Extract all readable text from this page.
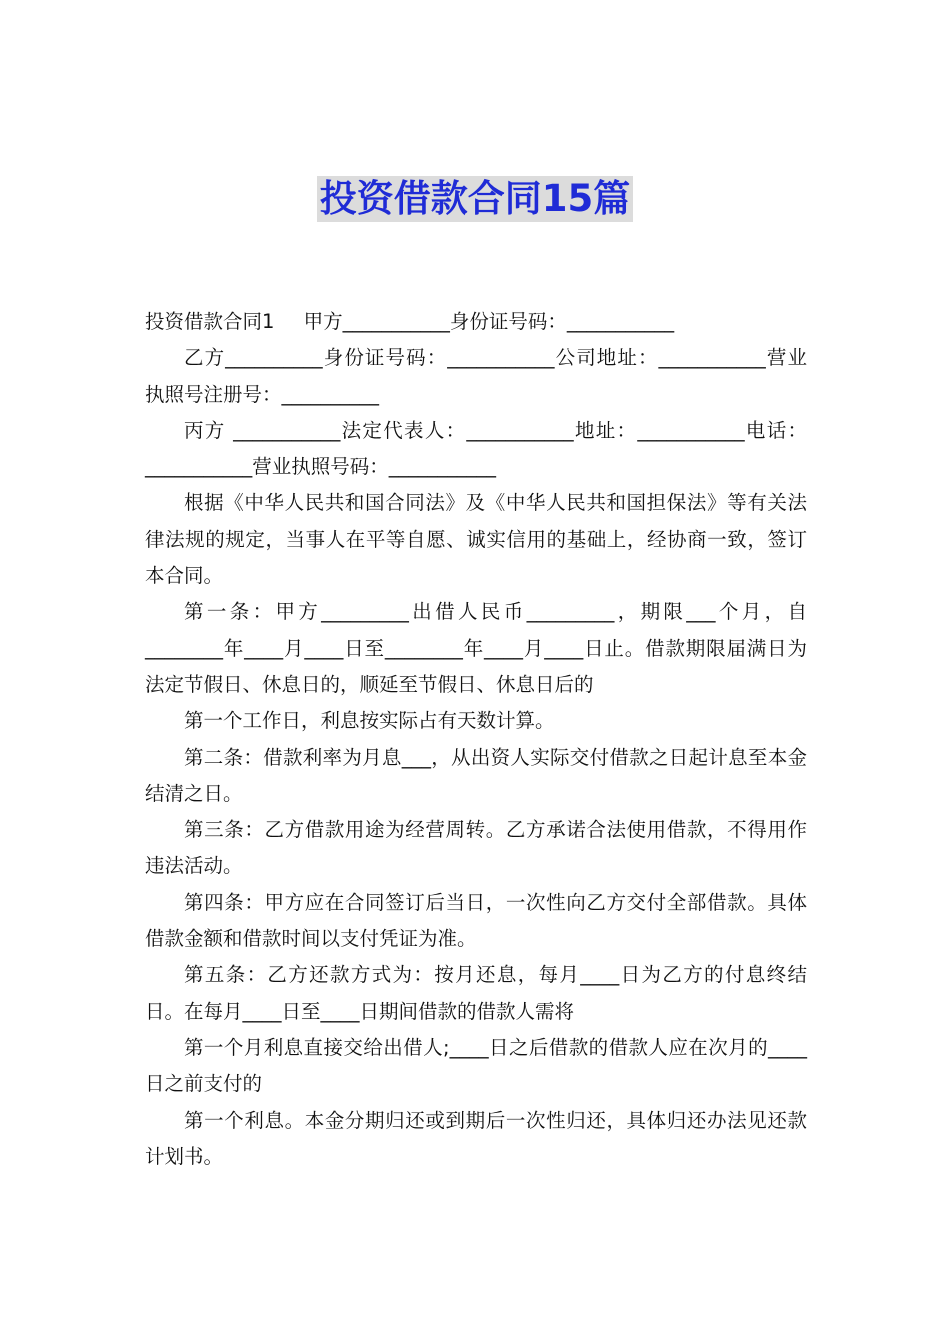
投资借款合同15篇

投资借款合同1 甲方___________身份证号码：___________

乙方__________身份证号码：___________公司地址：___________营业执照号注册号：__________

丙方 ___________法定代表人：___________地址：___________电话：___________营业执照号码：___________

根据《中华人民共和国合同法》及《中华人民共和国担保法》等有关法律法规的规定，当事人在平等自愿、诚实信用的基础上，经协商一致，签订本合同。

第一条：甲方_________出借人民币_________，期限___个月，自________年____月____日至________年____月____日止。借款期限届满日为法定节假日、休息日的，顺延至节假日、休息日后的

第一个工作日，利息按实际占有天数计算。

第二条：借款利率为月息___，从出资人实际交付借款之日起计息至本金结清之日。

第三条：乙方借款用途为经营周转。乙方承诺合法使用借款，不得用作违法活动。

第四条：甲方应在合同签订后当日，一次性向乙方交付全部借款。具体借款金额和借款时间以支付凭证为准。

第五条：乙方还款方式为：按月还息，每月____日为乙方的付息终结日。在每月____日至____日期间借款的借款人需将

第一个月利息直接交给出借人;____日之后借款的借款人应在次月的____日之前支付的

第一个利息。本金分期归还或到期后一次性归还，具体归还办法见还款计划书。
